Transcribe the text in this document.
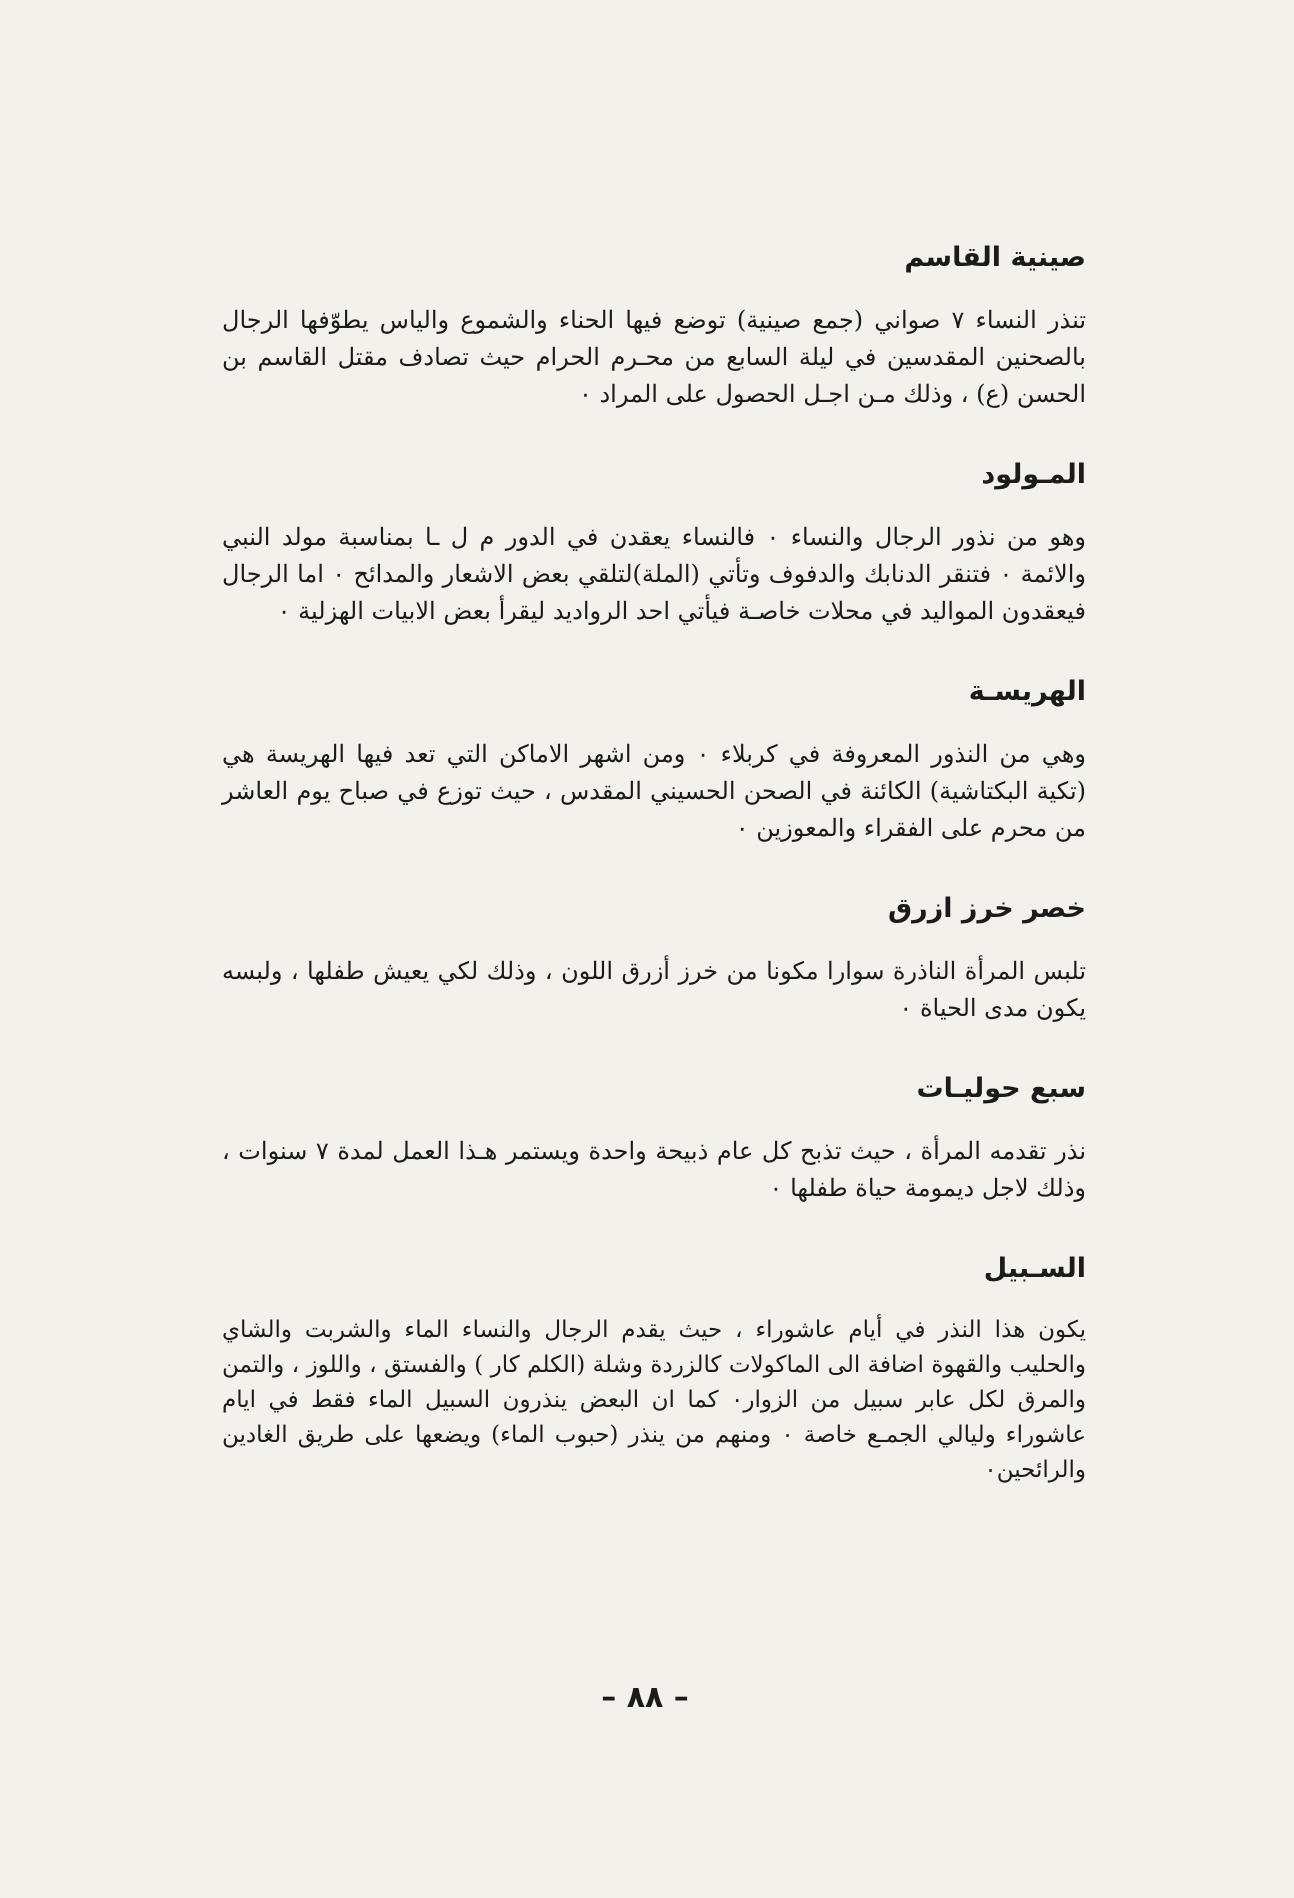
صينية القاسم

تنذر النساء ٧ صواني (جمع صينية) توضع فيها الحناء والشموع والياس يطوّفها الرجال بالصحنين المقدسين في ليلة السابع من محـرم الحرام حيث تصادف مقتل القاسم بن الحسن (ع) ، وذلك مـن اجـل الحصول على المراد ٠

المـولود

وهو من نذور الرجال والنساء ٠ فالنساء يعقدن في الدور م ل ـا بمناسبة مولد النبي والائمة ٠ فتنقر الدنابك والدفوف وتأتي (الملة)لتلقي بعض الاشعار والمدائح ٠ اما الرجال فيعقدون المواليد في محلات خاصـة فيأتي احد الرواديد ليقرأ بعض الابيات الهزلية ٠

الهريسـة

وهي من النذور المعروفة في كربلاء ٠ ومن اشهر الاماكن التي تعد فيها الهريسة هي (تكية البكتاشية) الكائنة في الصحن الحسيني المقدس ، حيث توزع في صباح يوم العاشر من محرم على الفقراء والمعوزين ٠

خصر خرز ازرق

تلبس المرأة الناذرة سوارا مكونا من خرز أزرق اللون ، وذلك لكي يعيش طفلها ، ولبسه يكون مدى الحياة ٠

سبع حوليـات

نذر تقدمه المرأة ، حيث تذبح كل عام ذبيحة واحدة ويستمر هـذا العمل لمدة ٧ سنوات ، وذلك لاجل ديمومة حياة طفلها ٠

السـبيل

يكون هذا النذر في أيام عاشوراء ، حيث يقدم الرجال والنساء الماء والشربت والشاي والحليب والقهوة اضافة الى الماكولات كالزردة وشلة (الكلم كار ) والفستق ، واللوز ، والتمن والمرق لكل عابر سبيل من الزوار٠ كما ان البعض ينذرون السبيل الماء فقط في ايام عاشوراء وليالي الجمـع خاصة ٠ ومنهم من ينذر (حبوب الماء) ويضعها على طريق الغادين والرائحين٠

– ٨٨ –
